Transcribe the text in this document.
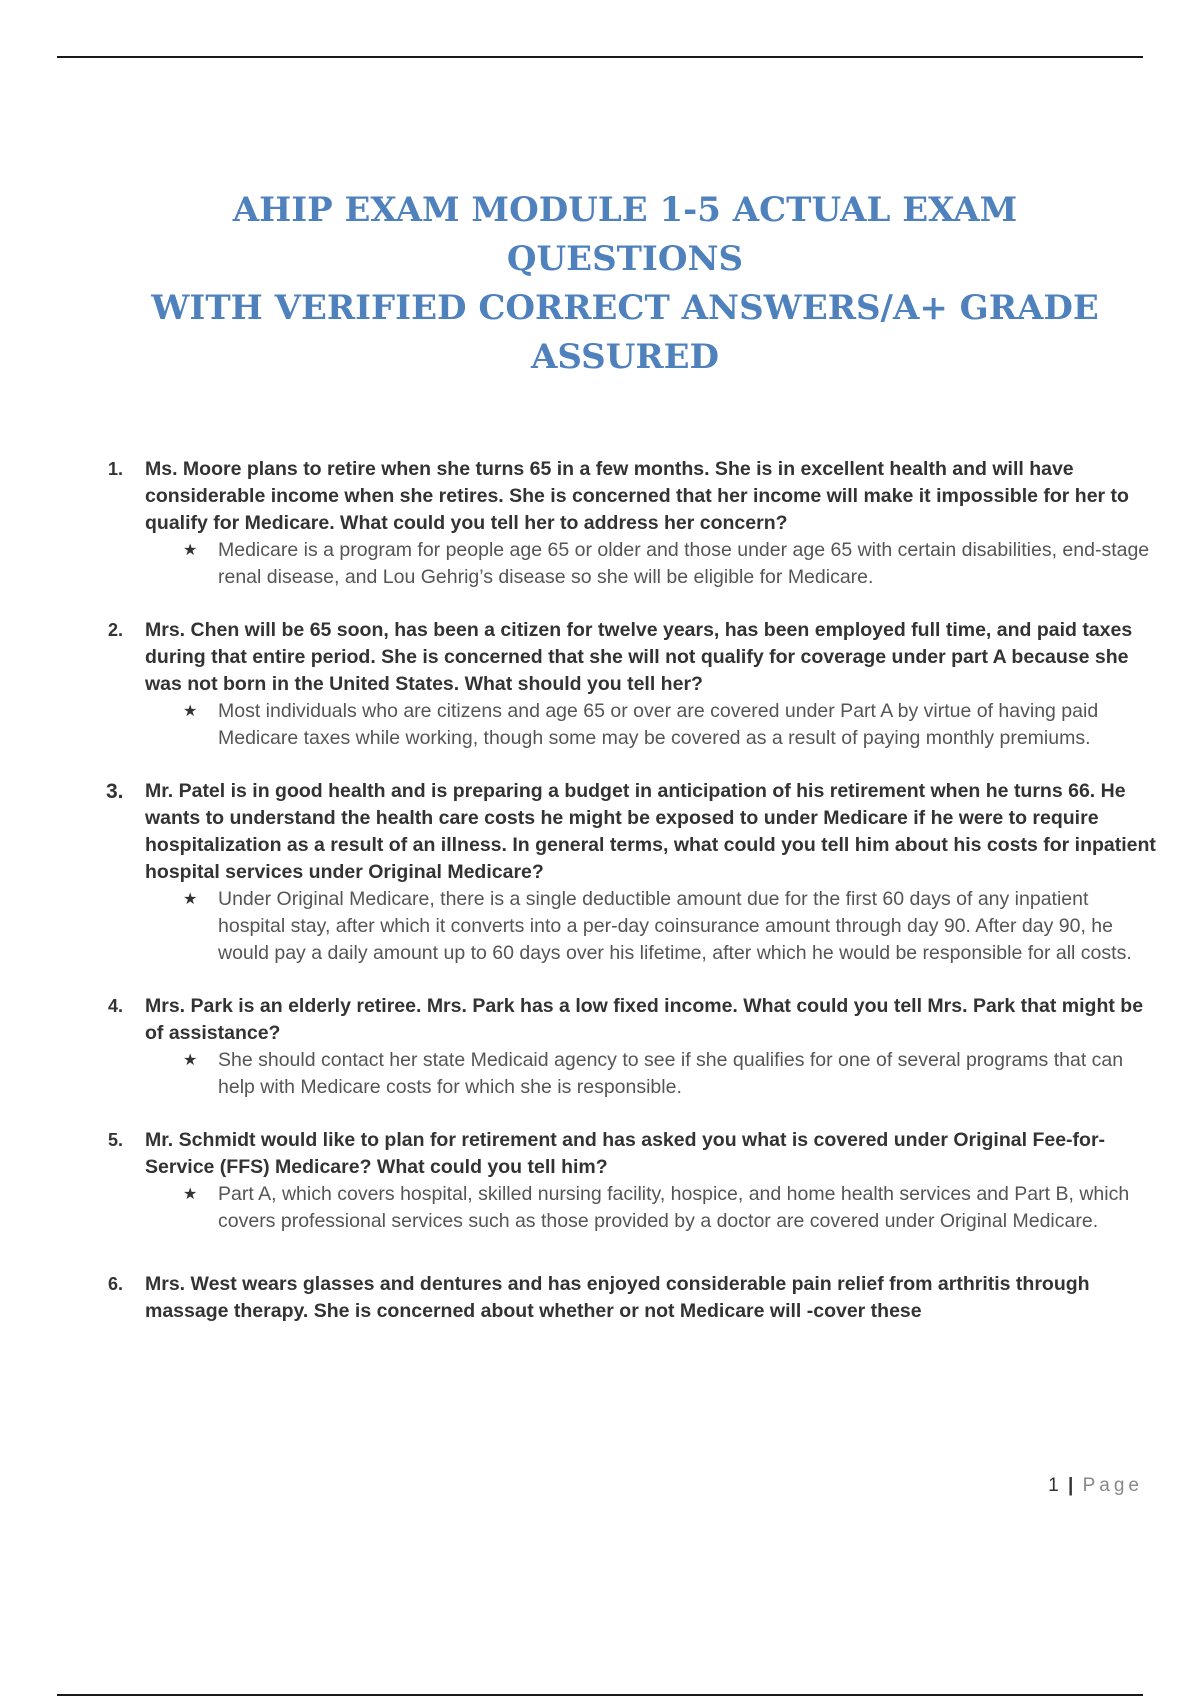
AHIP EXAM MODULE 1-5 ACTUAL EXAM QUESTIONS
WITH VERIFIED CORRECT ANSWERS/A+ GRADE
ASSURED
1. Ms. Moore plans to retire when she turns 65 in a few months. She is in excellent health and will have considerable income when she retires. She is concerned that her income will make it impossible for her to qualify for Medicare. What could you tell her to address her concern?

★ Medicare is a program for people age 65 or older and those under age 65 with certain disabilities, end-stage renal disease, and Lou Gehrig’s disease so she will be eligible for Medicare.

2. Mrs. Chen will be 65 soon, has been a citizen for twelve years, has been employed full time, and paid taxes during that entire period. She is concerned that she will not qualify for coverage under part A because she was not born in the United States. What should you tell her?

★ Most individuals who are citizens and age 65 or over are covered under Part A by virtue of having paid Medicare taxes while working, though some may be covered as a result of paying monthly premiums.

3. Mr. Patel is in good health and is preparing a budget in anticipation of his retirement when he turns 66. He wants to understand the health care costs he might be exposed to under Medicare if he were to require hospitalization as a result of an illness. In general terms, what could you tell him about his costs for inpatient hospital services under Original Medicare?

★ Under Original Medicare, there is a single deductible amount due for the first 60 days of any inpatient hospital stay, after which it converts into a per-day coinsurance amount through day 90. After day 90, he would pay a daily amount up to 60 days over his lifetime, after which he would be responsible for all costs.

4. Mrs. Park is an elderly retiree. Mrs. Park has a low fixed income. What could you tell Mrs. Park that might be of assistance?

★ She should contact her state Medicaid agency to see if she qualifies for one of several programs that can help with Medicare costs for which she is responsible.

5. Mr. Schmidt would like to plan for retirement and has asked you what is covered under Original Fee-for-Service (FFS) Medicare? What could you tell him?

★ Part A, which covers hospital, skilled nursing facility, hospice, and home health services and Part B, which covers professional services such as those provided by a doctor are covered under Original Medicare.

6. Mrs. West wears glasses and dentures and has enjoyed considerable pain relief from arthritis through massage therapy. She is concerned about whether or not Medicare will -cover these

1 | Page
